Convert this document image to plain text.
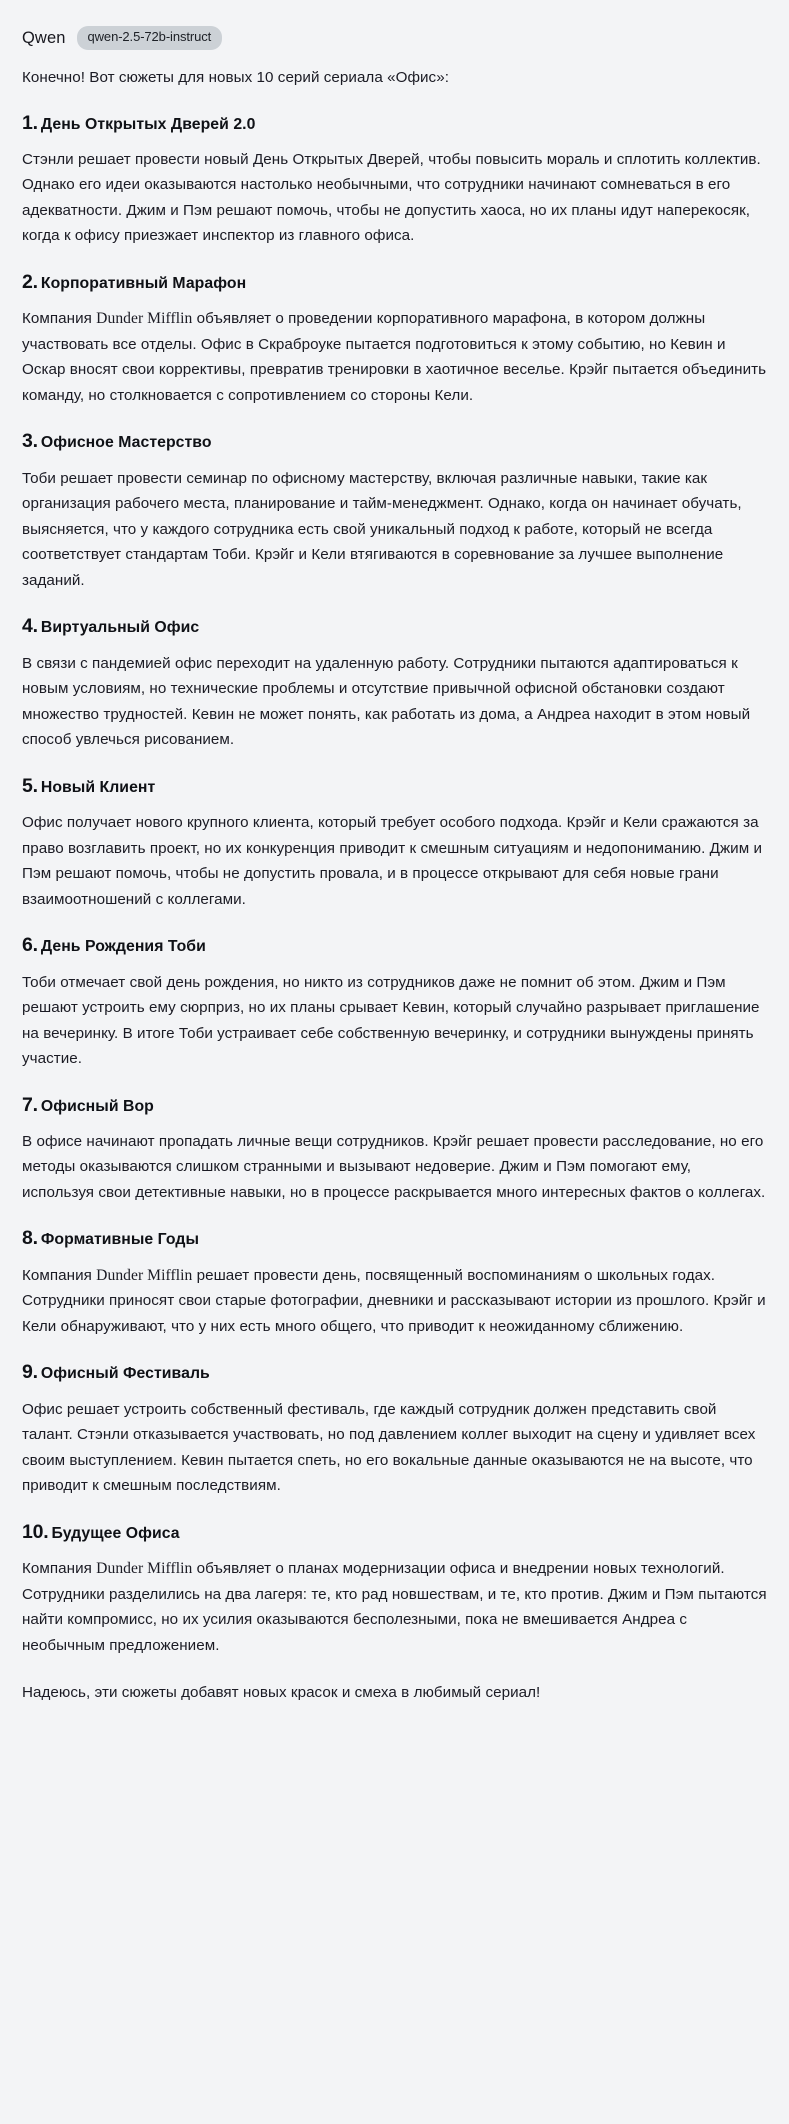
Qwen	qwen-2.5-72b-instruct

Конечно! Вот сюжеты для новых 10 серий сериала «Офис»:

1. День Открытых Дверей 2.0

Стэнли решает провести новый День Открытых Дверей, чтобы повысить мораль и сплотить коллектив. Однако его идеи оказываются настолько необычными, что сотрудники начинают сомневаться в его адекватности. Джим и Пэм решают помочь, чтобы не допустить хаоса, но их планы идут наперекосяк, когда к офису приезжает инспектор из главного офиса.

2. Корпоративный Марафон

Компания Dunder Mifflin объявляет о проведении корпоративного марафона, в котором должны участвовать все отделы. Офис в Скраброуке пытается подготовиться к этому событию, но Кевин и Оскар вносят свои коррективы, превратив тренировки в хаотичное веселье. Крэйг пытается объединить команду, но столкновается с сопротивлением со стороны Кели.

3. Офисное Мастерство

Тоби решает провести семинар по офисному мастерству, включая различные навыки, такие как организация рабочего места, планирование и тайм-менеджмент. Однако, когда он начинает обучать, выясняется, что у каждого сотрудника есть свой уникальный подход к работе, который не всегда соответствует стандартам Тоби. Крэйг и Кели втягиваются в соревнование за лучшее выполнение заданий.

4. Виртуальный Офис

В связи с пандемией офис переходит на удаленную работу. Сотрудники пытаются адаптироваться к новым условиям, но технические проблемы и отсутствие привычной офисной обстановки создают множество трудностей. Кевин не может понять, как работать из дома, а Андреа находит в этом новый способ увлечься рисованием.

5. Новый Клиент

Офис получает нового крупного клиента, который требует особого подхода. Крэйг и Кели сражаются за право возглавить проект, но их конкуренция приводит к смешным ситуациям и недопониманию. Джим и Пэм решают помочь, чтобы не допустить провала, и в процессе открывают для себя новые грани взаимоотношений с коллегами.

6. День Рождения Тоби

Тоби отмечает свой день рождения, но никто из сотрудников даже не помнит об этом. Джим и Пэм решают устроить ему сюрприз, но их планы срывает Кевин, который случайно разрывает приглашение на вечеринку. В итоге Тоби устраивает себе собственную вечеринку, и сотрудники вынуждены принять участие.

7. Офисный Вор

В офисе начинают пропадать личные вещи сотрудников. Крэйг решает провести расследование, но его методы оказываются слишком странными и вызывают недоверие. Джим и Пэм помогают ему, используя свои детективные навыки, но в процессе раскрывается много интересных фактов о коллегах.

8. Формативные Годы

Компания Dunder Mifflin решает провести день, посвященный воспоминаниям о школьных годах. Сотрудники приносят свои старые фотографии, дневники и рассказывают истории из прошлого. Крэйг и Кели обнаруживают, что у них есть много общего, что приводит к неожиданному сближению.

9. Офисный Фестиваль

Офис решает устроить собственный фестиваль, где каждый сотрудник должен представить свой талант. Стэнли отказывается участвовать, но под давлением коллег выходит на сцену и удивляет всех своим выступлением. Кевин пытается спеть, но его вокальные данные оказываются не на высоте, что приводит к смешным последствиям.

10. Будущее Офиса

Компания Dunder Mifflin объявляет о планах модернизации офиса и внедрении новых технологий. Сотрудники разделились на два лагеря: те, кто рад новшествам, и те, кто против. Джим и Пэм пытаются найти компромисс, но их усилия оказываются бесполезными, пока не вмешивается Андреа с необычным предложением.

Надеюсь, эти сюжеты добавят новых красок и смеха в любимый сериал!
